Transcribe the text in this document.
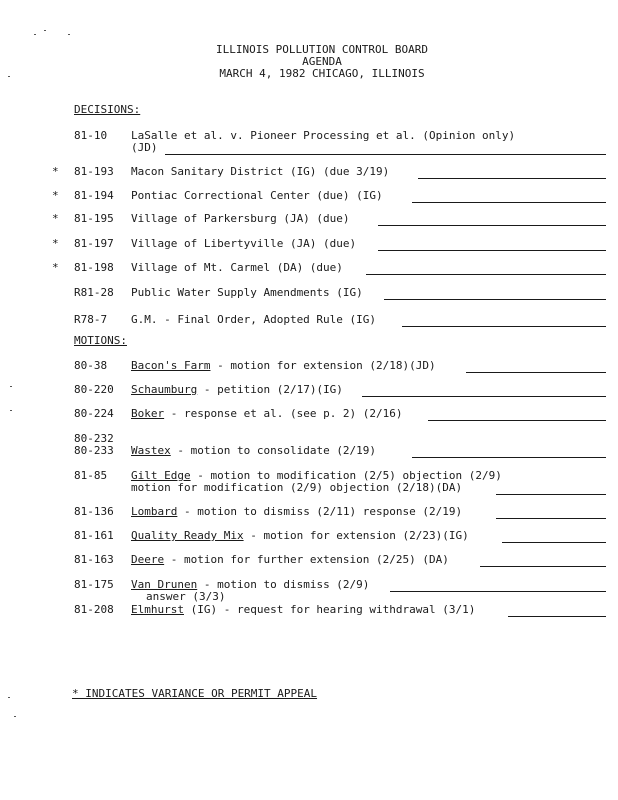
ILLINOIS POLLUTION CONTROL BOARD
AGENDA
MARCH 4, 1982 CHICAGO, ILLINOIS
DECISIONS:
81-10 LaSalle et al. v. Pioneer Processing et al. (Opinion only)
(JD)
* 81-193 Macon Sanitary District (IG) (due 3/19)
* 81-194 Pontiac Correctional Center (due) (IG)
* 81-195 Village of Parkersburg (JA) (due)
* 81-197 Village of Libertyville (JA) (due)
* 81-198 Village of Mt. Carmel (DA) (due)
R81-28 Public Water Supply Amendments (IG)
R78-7 G.M. - Final Order, Adopted Rule (IG)
MOTIONS:
80-38 Bacon's Farm - motion for extension (2/18)(JD)
80-220 Schaumburg - petition (2/17)(IG)
80-224 Boker - response et al. (see p. 2) (2/16)
80-232
80-233 Wastex - motion to consolidate (2/19)
81-85 Gilt Edge - motion to modification (2/5) objection (2/9)
motion for modification (2/9) objection (2/18)(DA)
81-136 Lombard - motion to dismiss (2/11) response (2/19)
81-161 Quality Ready Mix - motion for extension (2/23)(IG)
81-163 Deere - motion for further extension (2/25) (DA)
81-175 Van Drunen - motion to dismiss (2/9)
answer (3/3)
81-208 Elmhurst (IG) - request for hearing withdrawal (3/1)
* INDICATES VARIANCE OR PERMIT APPEAL
